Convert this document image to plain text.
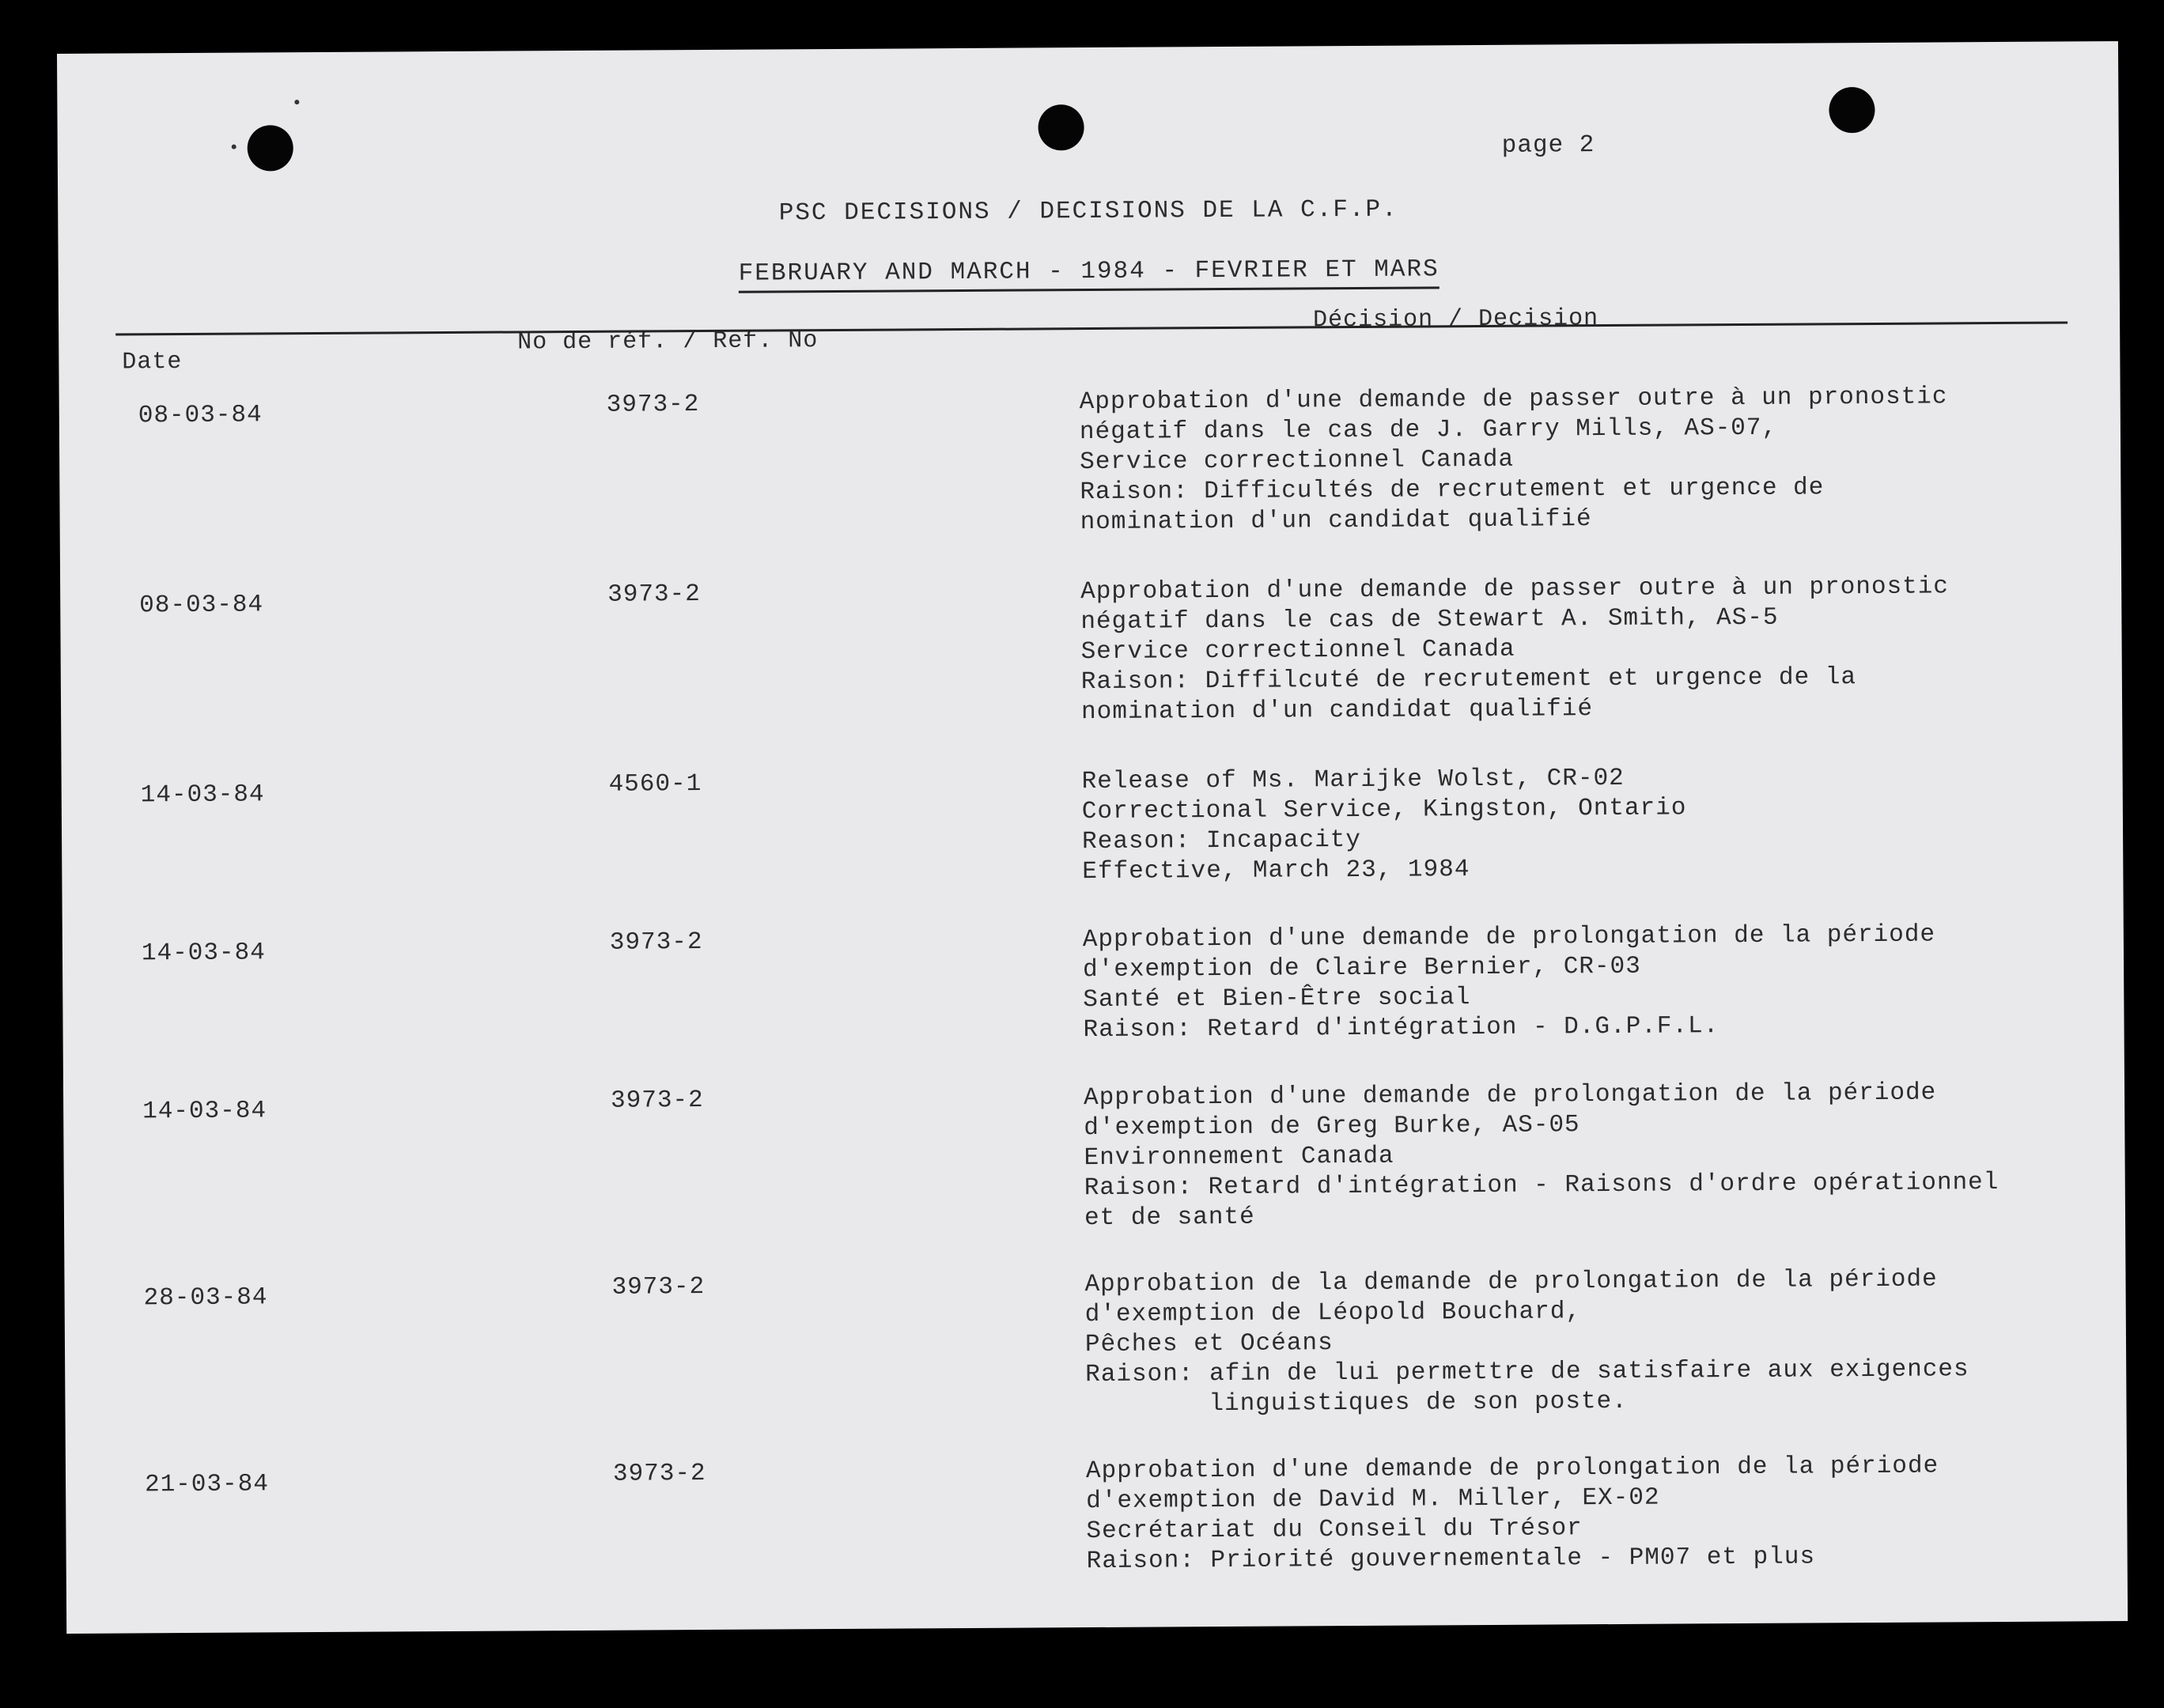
page 2
PSC DECISIONS / DECISIONS DE LA C.F.P.
FEBRUARY AND MARCH - 1984 - FEVRIER ET MARS
Date
No de réf. / Ref. No
Décision / Decision
08-03-84	3973-2	Approbation d'une demande de passer outre à un pronostic
négatif dans le cas de J. Garry Mills, AS-07,
Service correctionnel Canada
Raison: Difficultés de recrutement et urgence de
nomination d'un candidat qualifié
08-03-84	3973-2	Approbation d'une demande de passer outre à un pronostic
négatif dans le cas de Stewart A. Smith, AS-5
Service correctionnel Canada
Raison: Diffilcuté de recrutement et urgence de la
nomination d'un candidat qualifié
14-03-84	4560-1	Release of Ms. Marijke Wolst, CR-02
Correctional Service, Kingston, Ontario
Reason: Incapacity
Effective, March 23, 1984
14-03-84	3973-2	Approbation d'une demande de prolongation de la période
d'exemption de Claire Bernier, CR-03
Santé et Bien-Être social
Raison: Retard d'intégration - D.G.P.F.L.
14-03-84	3973-2	Approbation d'une demande de prolongation de la période
d'exemption de Greg Burke, AS-05
Environnement Canada
Raison: Retard d'intégration - Raisons d'ordre opérationnel
et de santé
28-03-84	3973-2	Approbation de la demande de prolongation de la période
d'exemption de Léopold Bouchard,
Pêches et Océans
Raison: afin de lui permettre de satisfaire aux exigences
linguistiques de son poste.
21-03-84	3973-2	Approbation d'une demande de prolongation de la période
d'exemption de David M. Miller, EX-02
Secrétariat du Conseil du Trésor
Raison: Priorité gouvernementale - PM07 et plus
